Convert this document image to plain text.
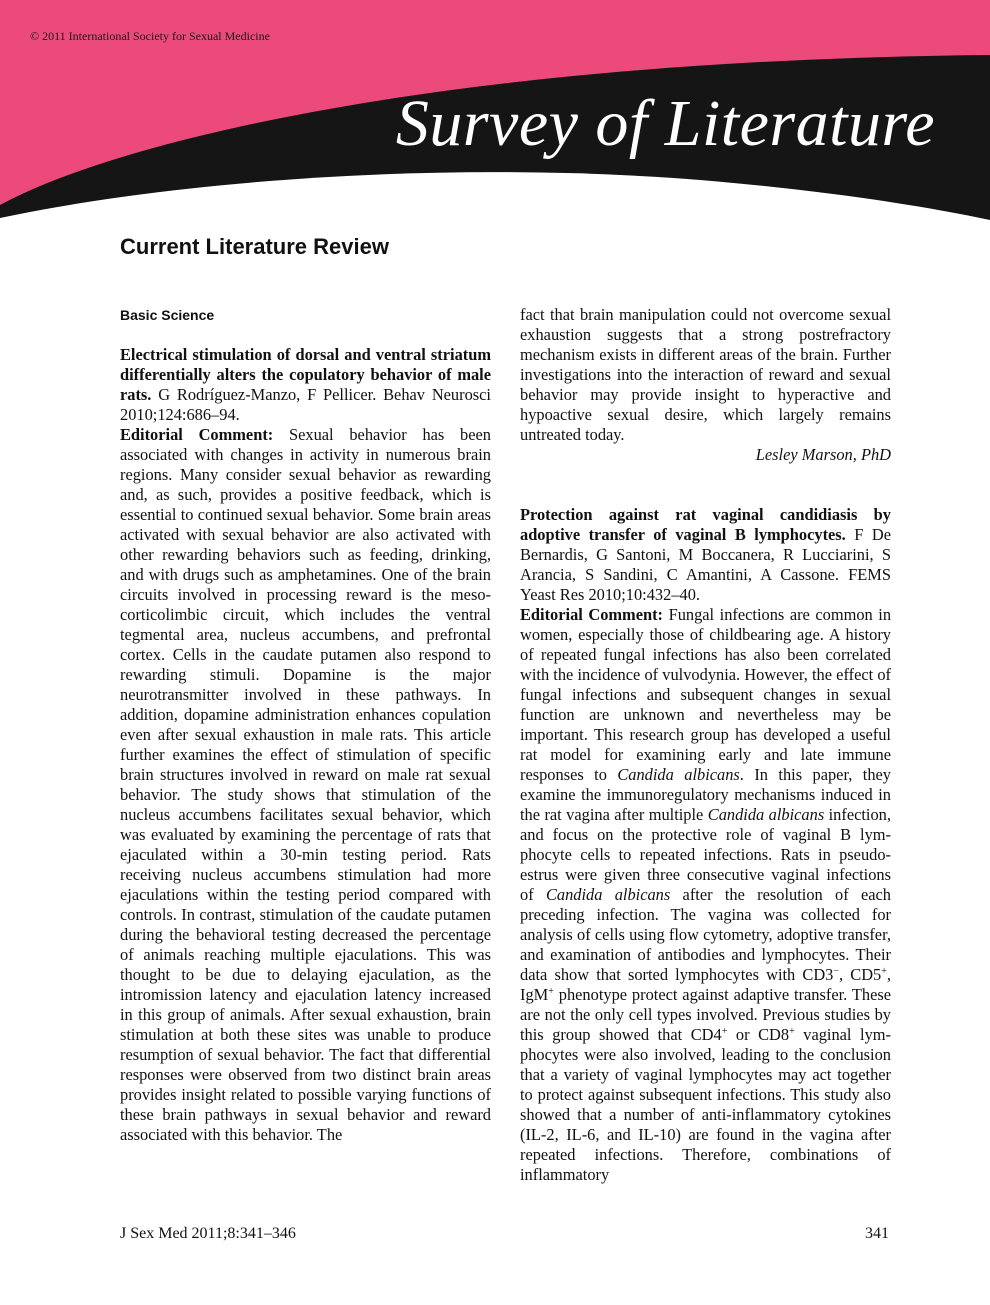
© 2011 International Society for Sexual Medicine
Survey of Literature
Current Literature Review

Basic Science

Electrical stimulation of dorsal and ventral striatum differentially alters the copulatory behavior of male rats. G Rodríguez-Manzo, F Pellicer. Behav Neurosci 2010;124:686–94.

Editorial Comment: Sexual behavior has been associated with changes in activity in numerous brain regions. Many consider sexual behavior as rewarding and, as such, provides a positive feedback, which is essential to continued sexual behavior. Some brain areas activated with sexual behavior are also activated with other rewarding behaviors such as feeding, drinking, and with drugs such as amphetamines. One of the brain circuits involved in processing reward is the mesocorticolimbic circuit, which includes the ventral tegmental area, nucleus accumbens, and prefrontal cortex. Cells in the caudate putamen also respond to rewarding stimuli. Dopamine is the major neurotransmitter involved in these pathways. In addition, dopamine administration enhances copulation even after sexual exhaustion in male rats. This article further examines the effect of stimulation of specific brain structures involved in reward on male rat sexual behavior. The study shows that stimulation of the nucleus accumbens facilitates sexual behavior, which was evaluated by examining the percentage of rats that ejaculated within a 30-min testing period. Rats receiving nucleus accumbens stimulation had more ejaculations within the testing period compared with controls. In contrast, stimulation of the caudate putamen during the behavioral testing decreased the percentage of animals reaching multiple ejaculations. This was thought to be due to delaying ejaculation, as the intromission latency and ejaculation latency increased in this group of animals. After sexual exhaustion, brain stimulation at both these sites was unable to produce resumption of sexual behavior. The fact that differential responses were observed from two distinct brain areas provides insight related to possible varying functions of these brain pathways in sexual behavior and reward associated with this behavior. The

fact that brain manipulation could not overcome sexual exhaustion suggests that a strong postrefractory mechanism exists in different areas of the brain. Further investigations into the interaction of reward and sexual behavior may provide insight to hyperactive and hypoactive sexual desire, which largely remains untreated today.

Lesley Marson, PhD

Protection against rat vaginal candidiasis by adoptive transfer of vaginal B lymphocytes. F De Bernardis, G Santoni, M Boccanera, R Lucciarini, S Arancia, S Sandini, C Amantini, A Cassone. FEMS Yeast Res 2010;10:432–40.

Editorial Comment: Fungal infections are common in women, especially those of childbearing age. A history of repeated fungal infections has also been correlated with the incidence of vulvodynia. However, the effect of fungal infections and subsequent changes in sexual function are unknown and nevertheless may be important. This research group has developed a useful rat model for examining early and late immune responses to Candida albicans. In this paper, they examine the immunoregulatory mechanisms induced in the rat vagina after multiple Candida albicans infection, and focus on the protective role of vaginal B lymphocyte cells to repeated infections. Rats in pseudo-estrus were given three consecutive vaginal infections of Candida albicans after the resolution of each preceding infection. The vagina was collected for analysis of cells using flow cytometry, adoptive transfer, and examination of antibodies and lymphocytes. Their data show that sorted lymphocytes with CD3−, CD5+, IgM+ phenotype protect against adaptive transfer. These are not the only cell types involved. Previous studies by this group showed that CD4+ or CD8+ vaginal lymphocytes were also involved, leading to the conclusion that a variety of vaginal lymphocytes may act together to protect against subsequent infections. This study also showed that a number of anti-inflammatory cytokines (IL-2, IL-6, and IL-10) are found in the vagina after repeated infections. Therefore, combinations of inflammatory

J Sex Med 2011;8:341–346	341
